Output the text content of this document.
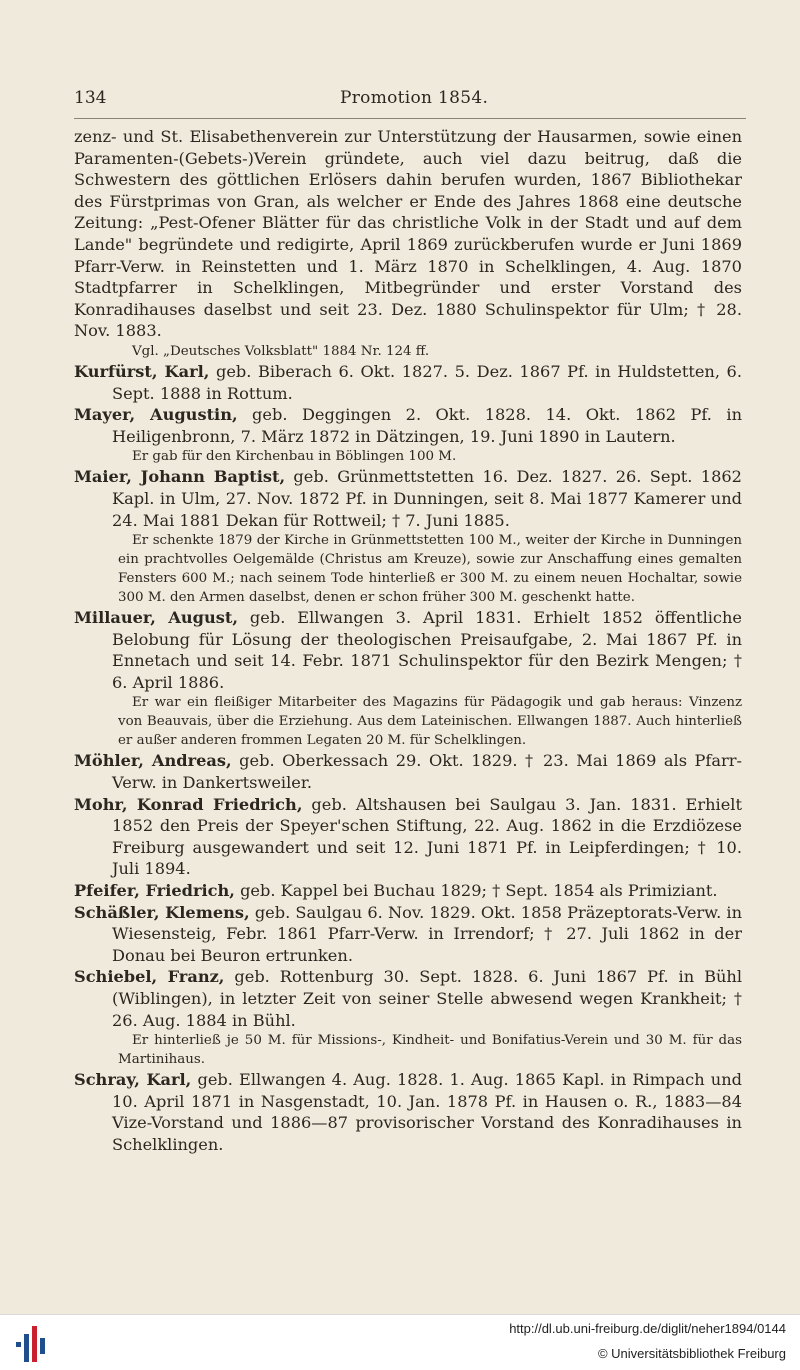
134	Promotion 1854.

zenz- und St. Elisabethenverein zur Unterstützung der Hausarmen, sowie einen Paramenten-(Gebets-)Verein gründete, auch viel dazu beitrug, daß die Schwestern des göttlichen Erlösers dahin berufen wurden, 1867 Bibliothekar des Fürstprimas von Gran, als welcher er Ende des Jahres 1868 eine deutsche Zeitung: „Pest-Ofener Blätter für das christliche Volk in der Stadt und auf dem Lande" begründete und redigirte, April 1869 zurückberufen wurde er Juni 1869 Pfarr-Verw. in Reinstetten und 1. März 1870 in Schelklingen, 4. Aug. 1870 Stadtpfarrer in Schelklingen, Mitbegründer und erster Vorstand des Konradihauses daselbst und seit 23. Dez. 1880 Schulinspektor für Ulm; † 28. Nov. 1883.

Vgl. „Deutsches Volksblatt" 1884 Nr. 124 ff.

Kurfürst, Karl, geb. Biberach 6. Okt. 1827. 5. Dez. 1867 Pf. in Huldstetten, 6. Sept. 1888 in Rottum.

Mayer, Augustin, geb. Deggingen 2. Okt. 1828. 14. Okt. 1862 Pf. in Heiligenbronn, 7. März 1872 in Dätzingen, 19. Juni 1890 in Lautern.

Er gab für den Kirchenbau in Böblingen 100 M.

Maier, Johann Baptist, geb. Grünmettstetten 16. Dez. 1827. 26. Sept. 1862 Kapl. in Ulm, 27. Nov. 1872 Pf. in Dunningen, seit 8. Mai 1877 Kamerer und 24. Mai 1881 Dekan für Rottweil; † 7. Juni 1885.

Er schenkte 1879 der Kirche in Grünmettstetten 100 M., weiter der Kirche in Dunningen ein prachtvolles Oelgemälde (Christus am Kreuze), sowie zur Anschaffung eines gemalten Fensters 600 M.; nach seinem Tode hinterließ er 300 M. zu einem neuen Hochaltar, sowie 300 M. den Armen daselbst, denen er schon früher 300 M. geschenkt hatte.

Millauer, August, geb. Ellwangen 3. April 1831. Erhielt 1852 öffentliche Belobung für Lösung der theologischen Preisaufgabe, 2. Mai 1867 Pf. in Ennetach und seit 14. Febr. 1871 Schulinspektor für den Bezirk Mengen; † 6. April 1886.

Er war ein fleißiger Mitarbeiter des Magazins für Pädagogik und gab heraus: Vinzenz von Beauvais, über die Erziehung. Aus dem Lateinischen. Ellwangen 1887. Auch hinterließ er außer anderen frommen Legaten 20 M. für Schelklingen.

Möhler, Andreas, geb. Oberkessach 29. Okt. 1829. † 23. Mai 1869 als Pfarr-Verw. in Dankertsweiler.

Mohr, Konrad Friedrich, geb. Altshausen bei Saulgau 3. Jan. 1831. Erhielt 1852 den Preis der Speyer'schen Stiftung, 22. Aug. 1862 in die Erzdiözese Freiburg ausgewandert und seit 12. Juni 1871 Pf. in Leipferdingen; † 10. Juli 1894.

Pfeifer, Friedrich, geb. Kappel bei Buchau 1829; † Sept. 1854 als Primiziant.

Schäßler, Klemens, geb. Saulgau 6. Nov. 1829. Okt. 1858 Präzeptorats-Verw. in Wiesensteig, Febr. 1861 Pfarr-Verw. in Irrendorf; † 27. Juli 1862 in der Donau bei Beuron ertrunken.

Schiebel, Franz, geb. Rottenburg 30. Sept. 1828. 6. Juni 1867 Pf. in Bühl (Wiblingen), in letzter Zeit von seiner Stelle abwesend wegen Krankheit; † 26. Aug. 1884 in Bühl.

Er hinterließ je 50 M. für Missions-, Kindheit- und Bonifatius-Verein und 30 M. für das Martinihaus.

Schray, Karl, geb. Ellwangen 4. Aug. 1828. 1. Aug. 1865 Kapl. in Rimpach und 10. April 1871 in Nasgenstadt, 10. Jan. 1878 Pf. in Hausen o. R., 1883—84 Vize-Vorstand und 1886—87 provisorischer Vorstand des Konradihauses in Schelklingen.

http://dl.ub.uni-freiburg.de/diglit/neher1894/0144
© Universitätsbibliothek Freiburg
